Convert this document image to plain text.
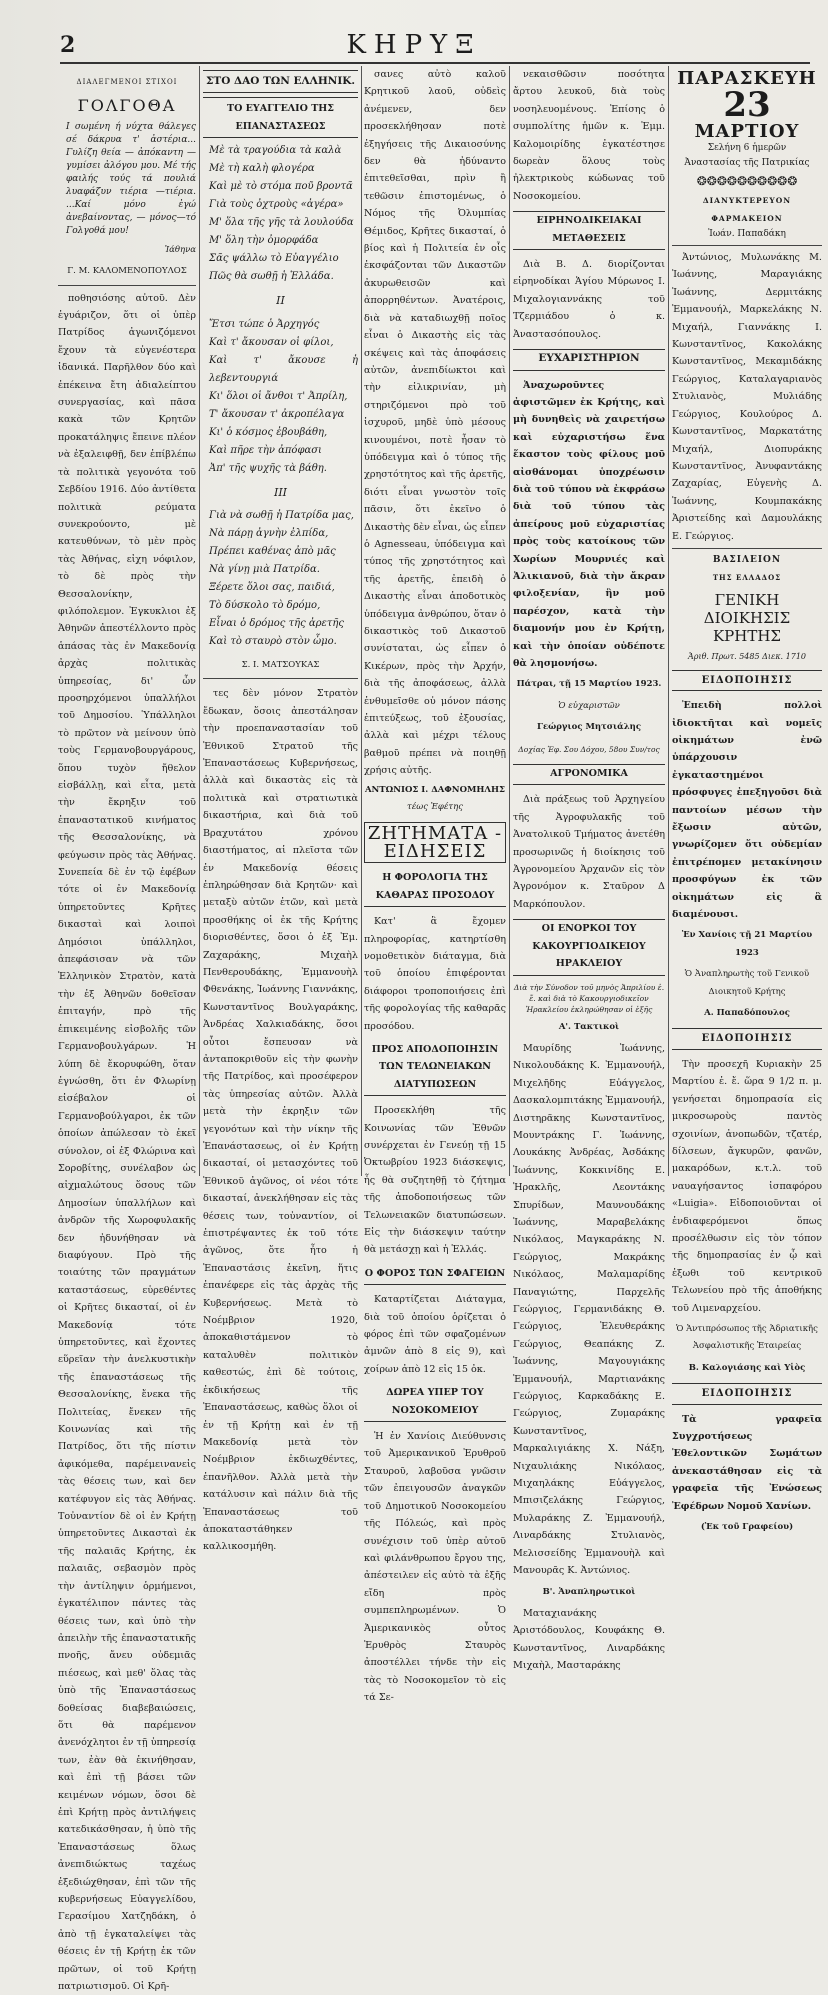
2	ΚΗΡΥΞ
ΔΙΑΛΕΓΜΕΝΟΙ ΣΤΙΧΟΙ
ΓΟΛΓΟΘΑ
Ι σωμένη ή νύχτα θάλεγες σέ δάκρυα τ' ἀστέρια... Γυλίζη θεία — ἀπόκαντη — γυμίσει ἀλόγου μου. Μέ τής φαιλής τούς τά πουλιά λυαφάζυν τιέρια —τιέρια. ...Καί μόνο ἐγώ ἀνεβαίνοντας, — μόνος—τό Γολγοθά μου!
Ἰάθηνα
Γ. Μ. ΚΑΛΟΜΕΝΟΠΟΥΛΟΣ

ποθησιόσης αὐτοῦ. Δὲν ἐγυάριζον, ὅτι οἱ ὑπὲρ Πατρίδος ἀγωνιζόμενοι ἔχουν τὰ εὐγενέστερα ἰδανικά. Παρῆλθον δύο καὶ ἐπέκεινα ἔτη ἀδιαλείπτου συνεργασίας, καὶ πᾶσα κακὰ τῶν Κρητῶν προκατάληψις ἔπεινε πλέον νὰ ἐξαλειφθῇ, δεν ἐπίβλέπω τὰ πολιτικὰ γεγονότα τοῦ Σεβδίου 1916. Δύο ἀντίθετα πολιτικὰ ρεύματα συνεκρούοντο, μὲ κατευθύνων, τὸ μὲν πρὸς τὰς Ἀθήνας, εἰχη νόφιλον, τὸ δὲ πρὸς τὴν Θεσσαλονίκην, φιλόπολεμον. Ἐγκυκλιοι ἐξ Ἀθηνῶν ἀπεστέλλοντο πρὸς ἁπάσας τὰς ἐν Μακεδονίᾳ ἀρχὰς πολιτικὰς ὑπηρεσίας, δι' ὧν προσηρχόμενοι ὑπαλλήλοι τοῦ Δημοσίου. Ὑπάλληλοι τὸ πρῶτον νὰ μείνουν ὑπὸ τοὺς Γερμανοβουργάρους, ὅπου τυχὸν ἤθελον εἰσβάλλῃ, καὶ εἶτα, μετὰ τὴν ἔκρηξιν τοῦ ἐπαναστατικοῦ κινήματος τῆς Θεσσαλονίκης, νὰ φεύγωσιν πρὸς τὰς Ἀθήνας. Συνεπεία δὲ ἐν τῷ ἐφέβων τότε οἱ ἐν Μακεδονίᾳ ὑπηρετοῦντες Κρῆτες δικασταὶ καὶ λοιποὶ Δημόσιοι ὑπάλληλοι, ἀπεφάσισαν νὰ τῶν Ἑλληνικὸν Στρατὸν, κατὰ τὴν ἐξ Ἀθηνῶν δοθεῖσαν ἐπιταγήν, πρὸ τῆς ἐπικειμένης εἰσβολῆς τῶν Γερμανοβουλγάρων. Ἡ λύπη δὲ ἔκορυφώθη, ὅταν ἐγνώσθη, ὅτι ἐν Φλωρίνῃ εἰσέβαλον οἱ Γερμανοβούλγαροι, ἐκ τῶν ὁποίων ἀπώλεσαν τὸ ἐκεῖ σύνολον, οἱ ἐξ Φλώρινα καὶ Σοροβίτης, συνέλαβον ὡς αἰχμαλώτους ὅσους τῶν Δημοσίων ὑπαλλήλων καὶ ἀνδρῶν τῆς Χωροφυλακῆς δεν ἠδυνήθησαν νὰ διαφύγουν. Πρὸ τῆς τοιαύτης τῶν πραγμάτων καταστάσεως, εὑρεθέντες οἱ Κρῆτες δικασταί, οἱ ἐν Μακεδονίᾳ τότε ὑπηρετοῦντες, καὶ ἔχοντες εὕρεῖαν τὴν ἀνελκυστικὴν τῆς ἐπαναστάσεως τῆς Θεσσαλονίκης, ἔνεκα τῆς Πολιτείας, ἔνεκεν τῆς Κοινωνίας καὶ τῆς Πατρίδος, ὅτι τῆς πίστιν ἀφικόμεθα, παρέμεινανεἰς τὰς θέσεις των, καὶ δεν κατέφυγον εἰς τὰς Ἀθήνας. Τοὐναντίον δὲ οἱ ἐν Κρήτῃ ὑπηρετοῦντες Δικασταὶ ἐκ τῆς παλαιᾶς Κρήτης, ἐκ παλαιᾶς, σεβασμὸν πρὸς τὴν ἀντίληψιν ὁρμήμενοι, ἐγκατέλιπον πάντες τὰς θέσεις των, καὶ ὑπὸ τὴν ἀπειλὴν τῆς ἐπαναστατικῆς πνοῆς, ἄνευ οὐδεμιᾶς πιέσεως, καὶ μεθ' ὅλας τὰς ὑπὸ τῆς Ἐπαναστάσεως δοθείσας διαβεβαιώσεις, ὅτι θὰ παρέμενον ἀνενόχλητοι ἐν τῇ ὑπηρεσίᾳ των, ἐὰν θὰ ἐκινήθησαν, καὶ ἐπὶ τῇ βάσει τῶν κειμένων νόμων, ὅσοι δὲ ἐπὶ Κρήτῃ πρὸς ἀντιλήψεις κατεδικάσθησαν, ἡ ὑπὸ τῆς Ἐπαναστάσεως ὅλως ἀνεπιδιώκτως ταχέως ἐξεδιώχθησαν, ἐπὶ τῶν τῆς κυβερνήσεως Εὐαγγελίδου, Γερασίμου Χατζηδάκη, ὁ ἀπὸ τῇ ἐγκαταλείψει τὰς θέσεις ἐν τῇ Κρήτῃ ἐκ τῶν πρῶτων, οἱ τοῦ Κρήτῃ πατριωτισμοῦ. Οἱ Κρῆ-

ΣΤΟ ΔΑΟ ΤΩΝ ΕΛΛΗΝΙΚ.
ΤΟ ΕΥΑΓΓΕΛΙΟ ΤΗΣ ΕΠΑΝΑΣΤΑΣΕΩΣ
Μὲ τὰ τραγούδια τὰ καλὰ
Μὲ τὴ καλὴ φλογέρα
Καὶ μὲ τὸ στόμα ποῦ βροντᾶ
Γιὰ τοὺς ὀχτροὺς «ἀγέρα»
Μ' ὅλα τῆς γῆς τὰ λουλούδα
Μ' ὅλη τὴν ὀμορφάδα
Σᾶς ψάλλω τὸ Εὐαγγέλιο
Πῶς θὰ σωθῇ ἡ Ἑλλάδα.
ΙΙ
Ἔτσι τώπε ὁ Ἀρχηγός
Καὶ τ' ἄκουσαν οἱ φίλοι,
Καὶ τ' ἄκουσε ἡ λεβεντουργιά
Κι' ὅλοι οἱ ἄνθοι τ' Ἀπρίλη,
Τ' ἄκουσαν τ' ἀκροπέλαγα
Κι' ὁ κόσμος ἐβουβάθη,
Καὶ πῆρε τὴν ἀπόφασι
Ἀπ' τῆς ψυχῆς τὰ βάθη.
ΙΙΙ
Γιὰ νὰ σωθῇ ἡ Πατρίδα μας,
Νὰ πάρῃ ἀγνὴν ἐλπίδα,
Πρέπει καθένας ἀπὸ μᾶς
Νὰ γίνῃ μιὰ Πατρίδα.
Ξέρετε ὅλοι σας, παιδιά,
Τὸ δύσκολο τὸ δρόμο,
Εἶναι ὁ δρόμος τῆς ἀρετῆς
Καὶ τὸ σταυρὸ στὸν ὦμο.
Σ. Ι. ΜΑΤΣΟΥΚΑΣ

τες δὲν μόνον Στρατὸν ἔδωκαν, ὅσοις ἀπεστάλησαν τὴν προεπαναστασίαν τοῦ Ἐθνικοῦ Στρατοῦ τῆς Ἐπαναστάσεως Κυβερνήσεως, ἀλλὰ καὶ δικαστὰς εἰς τὰ πολιτικὰ καὶ στρατιωτικὰ δικαστήρια, καὶ διὰ τοῦ Βραχυτάτου χρόνου διαστήματος, αἱ πλεῖστα τῶν ἐν Μακεδονίᾳ θέσεις ἐπληρώθησαν διὰ Κρητῶν· καὶ μεταξὺ αὐτῶν ἐτῶν, καὶ μετὰ προσθήκης οἱ ἐκ τῆς Κρήτης διορισθέντες, ὅσοι ὁ ἐξ Ἐμ. Ζαχαράκης, Μιχαὴλ Πενθερουδάκης, Ἐμμανουὴλ Φθενάκης, Ἰωάννης Γιαννάκης, Κωνσταντῖνος Βουλγαράκης, Ἀνδρέας Χαλκιαδάκης, ὅσοι οὗτοι ἔσπευσαν νὰ ἀνταποκριθοῦν εἰς τὴν φωνὴν τῆς Πατρίδος, καὶ προσέφερον τὰς ὑπηρεσίας αὐτῶν. Ἀλλὰ μετὰ τὴν ἐκρηξιν τῶν γεγονότων καὶ τὴν νίκην τῆς Ἐπανάστασεως, οἱ ἐν Κρήτῃ δικασταί, οἱ μετασχόντες τοῦ Ἐθνικοῦ ἀγῶνος, οἱ νέοι τότε δικασταί, ἀνεκλήθησαν εἰς τὰς θέσεις των, τοὐναντίον, οἱ ἐπιστρέψαντες ἐκ τοῦ τότε ἀγῶνος, ὅτε ἦτο ἡ Ἐπαναστάσις ἐκεῖνη, ἥτις ἐπανέφερε εἰς τὰς ἀρχὰς τῆς Κυβερνήσεως. Μετὰ τὸ Νοέμβριον 1920, ἀποκαθιστάμενον τὸ καταλυθὲν πολιτικὸν καθεστώς, ἐπὶ δὲ τούτοις, ἐκδικήσεως τῆς Ἐπαναστάσεως, καθὼς ὅλοι οἱ ἐν τῇ Κρήτῃ καὶ ἐν τῇ Μακεδονίᾳ μετὰ τὸν Νοέμβριον ἐκδιωχθέντες, ἐπανῆλθον. Ἀλλὰ μετὰ τὴν κατάλυσιν καὶ πάλιν διὰ τῆς Ἐπαναστάσεως τοῦ ἀποκαταστάθηκεν καλλικοσμήθη.

σανες αὐτὸ καλοῦ Κρητικοῦ λαοῦ, οὐδεὶς ἀνέμενεν, δεν προσεκλήθησαν ποτὲ ἐξηγήσεις τῆς Δικαιοσύνης δεν θὰ ἠδύναντο ἐπιτεθεῖσθαι, πρὶν ἢ τεθῶσιν ἐπιστομένως, ὁ Νόμος τῆς Ὀλυμπίας Θέμιδος, Κρῆτες δικασταί, ὁ βίος καὶ ἡ Πολιτεία ἐν οἷς ἐκσφάζονται τῶν Δικαστῶν ἀκυρωθεισῶν καὶ ἀπορρηθέντων. Ἀνατέροις, διὰ νὰ καταδιωχθῇ ποῖος εἶναι ὁ Δικαστὴς εἰς τὰς σκέψεις καὶ τὰς ἀποφάσεις αὐτῶν, ἀνεπιδίωκτοι καὶ τὴν εἰλικρινίαν, μὴ στηριζόμενοι πρὸ τοῦ ἰσχυροῦ, μηδὲ ὑπὸ μέσους κινουμένοι, ποτὲ ἦσαν τὸ ὑπόδειγμα καὶ ὁ τύπος τῆς χρηστότητος καὶ τῆς ἀρετῆς, διότι εἶναι γνωστὸν τοῖς πᾶσιν, ὅτι ἐκεῖνο ὁ Δικαστὴς δὲν εἶναι, ὡς εἶπεν ὁ Agnesseau, ὑπόδειγμα καὶ τύπος τῆς χρηστότητος καὶ τῆς ἀρετῆς, ἐπειδὴ ὁ Δικαστὴς εἶναι ἀποδοτικὸς ὑπόδειγμα ἀνθρώπου, ὅταν ὁ δικαστικὸς τοῦ Δικαστοῦ συνίσταται, ὡς εἶπεν ὁ Κικέρων, πρὸς τὴν Ἀρχήν, διὰ τῆς ἀποφάσεως, ἀλλὰ ἐνθυμεῖσθε οὐ μόνον πάσης ἐπιτεύξεως, τοῦ ἐξουσίας, ἀλλὰ καὶ μέχρι τέλους βαθμοῦ πρέπει νὰ ποιηθῇ χρήσις αὐτῆς.

ΑΝΤΩΝΙΟΣ Ι. ΔΑΦΝΟΜΗΛΗΣ
τέως Ἐφέτης
ΖΗΤΗΜΑΤΑ - ΕΙΔΗΣΕΙΣ
Η ΦΟΡΟΛΟΓΙΑ ΤΗΣ ΚΑΘΑΡΑΣ ΠΡΟΣΟΔΟΥ

Κατ' ἃ ἔχομεν πληροφορίας, κατηρτίσθη νομοθετικὸν διάταγμα, διὰ τοῦ ὁποίου ἐπιφέρονται διάφοροι τροποποιήσεις ἐπὶ τῆς φορολογίας τῆς καθαρᾶς προσόδου.

ΠΡΟΣ ΑΠΟΔΟΠΟΙΗΣΙΝ ΤΩΝ ΤΕΛΩΝΕΙΑΚΩΝ ΔΙΑΤΥΠΩΣΕΩΝ

Προσεκλήθη τῆς Κοινωνίας τῶν Ἐθνῶν συνέρχεται ἐν Γενεύῃ τῇ 15 Ὀκτωβρίου 1923 διάσκεψις, ἧς θὰ συζητηθῇ τὸ ζήτημα τῆς ἀποδοποιήσεως τῶν Τελωνειακῶν διατυπώσεων. Εἰς τὴν διάσκεψιν ταύτην θὰ μετάσχῃ καὶ ἡ Ἑλλάς.

Ο ΦΟΡΟΣ ΤΩΝ ΣΦΑΓΕΙΩΝ

Καταρτίζεται Διάταγμα, διὰ τοῦ ὁποίου ὁρίζεται ὁ φόρος ἐπὶ τῶν σφαζομένων ἀμνῶν ἀπὸ 8 εἰς 9), καὶ χοίρων ἀπὸ 12 εἰς 15 ὀκ.

ΔΩΡΕΑ ΥΠΕΡ ΤΟΥ ΝΟΣΟΚΟΜΕΙΟΥ

Ἡ ἐν Χανίοις Διεύθυνσις τοῦ Ἀμερικανικοῦ Ἐρυθροῦ Σταυροῦ, λαβοῦσα γνῶσιν τῶν ἐπειγουσῶν ἀναγκῶν τοῦ Δημοτικοῦ Νοσοκομείου τῆς Πόλεώς, καὶ πρὸς συνέχισιν τοῦ ὑπὲρ αὐτοῦ καὶ φιλάνθρωπου ἔργου της, ἀπέστειλεν εἰς αὐτὸ τὰ ἑξῆς εἴδη πρὸς συμπεπληρωμένων. Ὁ Ἀμερικανικὸς οὗτος Ἐρυθρὸς Σταυρὸς ἀποστέλλει τήνδε τὴν εἰς τὰς τὸ Νοσοκομεῖον τὸ εἰς τά Σε-

νεκαισθῶσιν ποσότητα ἄρτου λευκοῦ, διὰ τοὺς νοσηλευομένους. Ἐπίσης ὁ συμπολίτης ἡμῶν κ. Ἐμμ. Καλομοιρίδης ἐγκατέστησε δωρεὰν ὅλους τοὺς ἠλεκτρικοὺς κώδωνας τοῦ Νοσοκομείου.

ΕΙΡΗΝΟΔΙΚΕΙΑΚΑΙ ΜΕΤΑΘΕΣΕΙΣ

Διὰ Β. Δ. διορίζονται εἰρηνοδίκαι Ἁγίου Μύρωνος Ι. Μιχαλογιαννάκης τοῦ Τζερμιάδου ὁ κ. Ἀναστασόπουλος.

ΕΥΧΑΡΙΣΤΗΡΙΟΝ

Ἀναχωροῦντες ἀφιστῶμεν ἐκ Κρήτης, καὶ μὴ δυνηθεὶς νὰ χαιρετήσω καὶ εὐχαριστήσω ἕνα ἕκαστον τοὺς φίλους μοῦ αἰσθάνομαι ὑποχρέωσιν διὰ τοῦ τύπου νὰ ἐκφράσω διὰ τοῦ τύπου τὰς ἀπείρους μοῦ εὐχαριστίας πρὸς τοὺς κατοίκους τῶν Χωρίων Μουρνιές καὶ Ἀλικιανοῦ, διὰ τὴν ἄκραν φιλοξενίαν, ἣν μοῦ παρέσχον, κατὰ τὴν διαμονήν μου ἐν Κρήτῃ, καὶ τὴν ὁποίαν οὐδέποτε θὰ λησμονήσω.

Πάτραι, τῇ 15 Μαρτίου 1923.
Ὁ εὐχαριστῶν
Γεώργιος Μητσιάλης
Δοχίας Ἐφ. Σου Δόχου, 58ου Συν/τος
ΑΓΡΟΝΟΜΙΚΑ

Διὰ πράξεως τοῦ Ἀρχηγείου τῆς Ἀγροφυλακῆς τοῦ Ἀνατολικοῦ Τμήματος ἀνετέθη προσωρινῶς ἡ διοίκησις τοῦ Ἀγρονομείου Ἀρχανῶν εἰς τὸν Ἀγρονόμον κ. Σταῦρον Δ Μαρκόπουλον.

ΟΙ ΕΝΟΡΚΟΙ ΤΟΥ ΚΑΚΟΥΡΓΙΟΔΙΚΕΙΟΥ ΗΡΑΚΛΕΙΟΥ
Διὰ τὴν Σύνοδον τοῦ μηνὸς Ἀπριλίου ἐ. ἔ. καὶ διὰ τὸ Κακουργιοδικεῖον Ἡρακλείου ἐκληρώθησαν οἱ ἑξῆς
Α'. Τακτικοὶ

Μαυρίδης Ἰωάννης, Νικολουδάκης Κ. Ἐμμανουήλ, Μιχελῆδης Εὐάγγελος, Δασκαλομπιτάκης Ἐμμανουήλ, Διστηρᾶκης Κωνσταντῖνος, Μουντράκης Γ. Ἰωάννης, Λουκάκης Ἀνδρέας, Ἀσδάκης Ἰωάννης, Κοκκινίδης Ε. Ἡρακλῆς, Λεοντάκης Σπυρίδων, Μαυνουδάκης Ἰωάννης, Μαραβελάκης Νικόλαος, Μαγκαράκης Ν. Γεώργιος, Μακράκης Νικόλαος, Μαλαμαρίδης Παναγιώτης, Παρχελῆς Γεώργιος, Γερμανιδάκης Θ. Γεώργιος, Ἐλευθεράκης Γεώργιος, Θεαπάκης Ζ. Ἰωάννης, Μαγουγιάκης Ἐμμανουήλ, Μαρτιανάκης Γεώργιος, Καρκαδάκης Ε. Γεώργιος, Ζυμαράκης Κωνσταντῖνος, Μαρκαλιγιάκης Χ. Νάξη, Νιχαυλιάκης Νικόλαος, Μιχαηλάκης Εὐάγγελος, Μπισιζελάκης Γεώργιος, Μυλαράκης Ζ. Ἐμμανουήλ, Λιναρδάκης Στυλιανὸς, Μελισσείδης Ἐμμανουὴλ καὶ Μανουρᾶς Κ. Ἀντώνιος.

Β'. Ἀναπληρωτικοὶ

Ματαχιανάκης Ἀριστόδουλος, Κουφάκης Θ. Κωνσταντῖνος, Λιναρδάκης Μιχαὴλ, Μασταράκης

ΠΑΡΑΣΚΕΥΗ
23
ΜΑΡΤΙΟΥ
Σελήνη 6 ἡμερῶν
Ἀναστασίας τῆς Πατρικίας
❂❂❂❂❂❂❂❂❂❂
ΔΙΑΝΥΚΤΕΡΕΥΟΝ ΦΑΡΜΑΚΕΙΟΝ
Ἰωάν. Παπαδάκη

Ἀντώνιος, Μυλωνάκης Μ. Ἰωάννης, Μαραγιάκης Ἰωάννης, Δερμιτάκης Ἐμμανουήλ, Μαρκελάκης Ν. Μιχαήλ, Γιαννάκης Ι. Κωνσταντῖνος, Κακολάκης Κωνσταντῖνος, Μεκαμιδάκης Γεώργιος, Καταλαγαριανὸς Στυλιανὸς, Μυλιάδης Γεώργιος, Κουλούρος Δ. Κωνσταντῖνος, Μαρκατάτης Μιχαήλ, Διοπυράκης Κωνσταντῖνος, Ἀνυφαντάκης Ζαχαρίας, Εὐγενὴς Δ. Ἰωάννης, Κουμπακάκης Ἀριστείδης καὶ Δαμουλάκης Ε. Γεώργιος.

ΒΑΣΙΛΕΙΟΝ
ΤΗΣ ΕΛΛΑΔΟΣ
ΓΕΝΙΚΗ ΔΙΟΙΚΗΣΙΣ
ΚΡΗΤΗΣ
Ἀριθ. Πρωτ. 5485 Διεκ. 1710
ΕΙΔΟΠΟΙΗΣΙΣ

Ἐπειδὴ πολλοὶ ἰδιοκτῆται καὶ νομεῖς οἰκημάτων ἐνῶ ὑπάρχουσιν ἐγκαταστημένοι πρόσφυγες ἐπεξηγοῦσι διὰ παντοίων μέσων τὴν ἔξωσιν αὐτῶν, γνωρίζομεν ὅτι οὐδεμίαν ἐπιτρέπομεν μετακίνησιν προσφύγων ἐκ τῶν οἰκημάτων εἰς ἃ διαμένουσι.

Ἐν Χανίοις τῇ 21 Μαρτίου 1923
Ὁ Ἀναπληρωτὴς τοῦ Γενικοῦ Διοικητοῦ Κρήτης
Α. Παπαδόπουλος
ΕΙΔΟΠΟΙΗΣΙΣ

Τὴν προσεχῆ Κυριακὴν 25 Μαρτίου ἐ. ἔ. ὥρα 9 1/2 π. μ. γενήσεται δημοπρασία εἰς μικροσωροὺς παντὸς σχοινίων, ἀνοπωδῶν, τζατέρ, δίλσεων, ἄγκυρῶν, φανῶν, μακαρόδων, κ.τ.λ. τοῦ ναυαγήσαντος ἰσπαφόρου «Luigia». Εἰδοποιοῦνται οἱ ἐνδιαφερόμενοι ὅπως προσέλθωσιν εἰς τὸν τόπον τῆς δημοπρασίας ἐν ᾧ καὶ ἐξωθι τοῦ κεντρικοῦ Τελωνείου πρὸ τῆς ἀποθήκης τοῦ Λιμεναρχείου.

Ὁ Ἀντιπρόσωπος τῆς Ἀδριατικῆς Ἀσφαλιστικῆς Ἑταιρείας
Β. Καλογιάσης καὶ Υἱὸς
ΕΙΔΟΠΟΙΗΣΙΣ

Τὰ γραφεῖα Συγχροτήσεως Ἐθελοντικῶν Σωμάτων ἀνεκαστάθησαν εἰς τὰ γραφεῖα τῆς Ἐνώσεως Ἐφέδρων Νομοῦ Χανίων.

(Ἐκ τοῦ Γραφείου)
